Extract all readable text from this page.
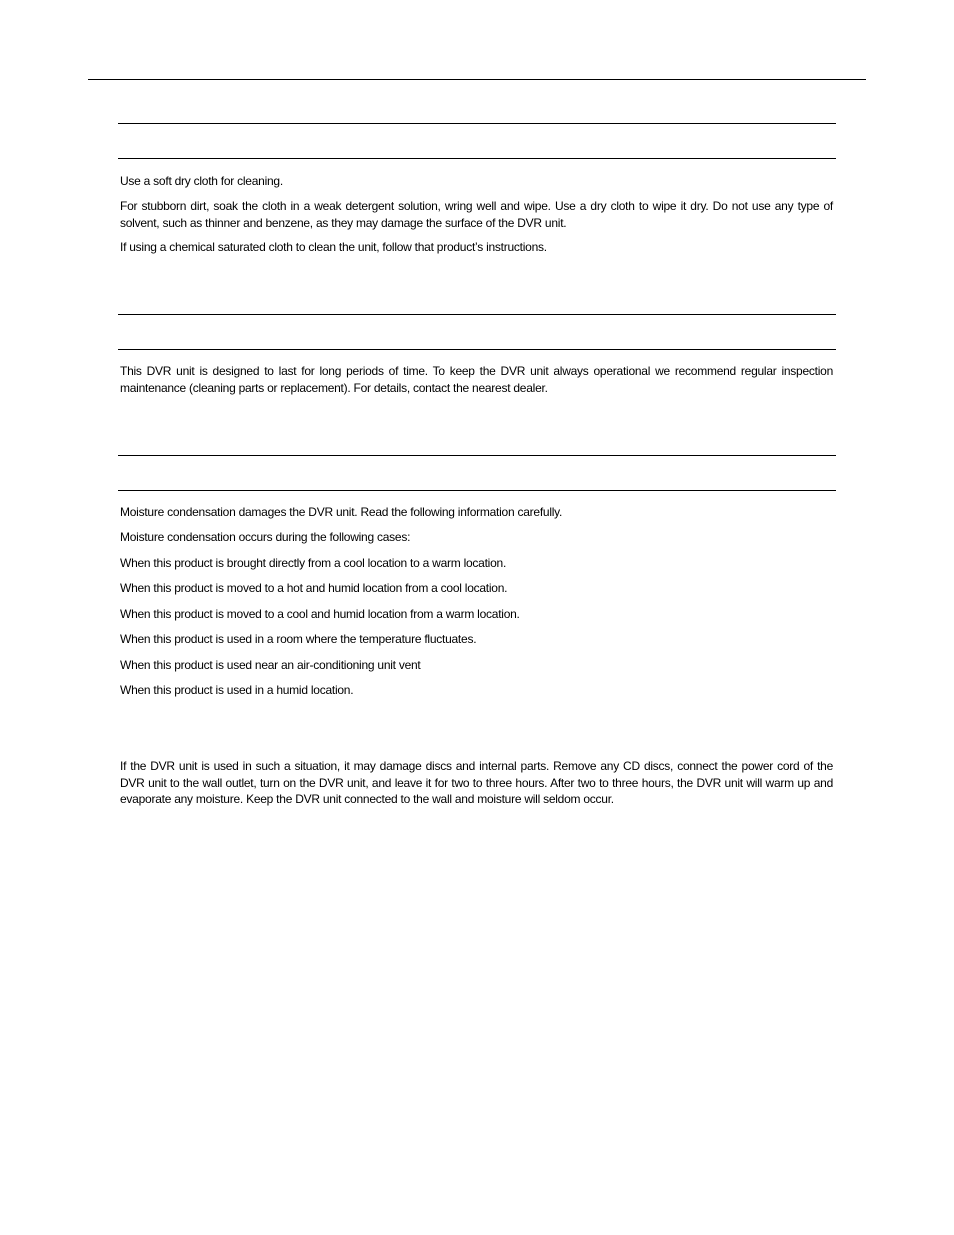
Use a soft dry cloth for cleaning.

For stubborn dirt, soak the cloth in a weak detergent solution, wring well and wipe. Use a dry cloth to wipe it dry. Do not use any type of solvent, such as thinner and benzene, as they may damage the surface of the DVR unit.

If using a chemical saturated cloth to clean the unit, follow that product’s instructions.

This DVR unit is designed to last for long periods of time. To keep the DVR unit always operational we recommend regular inspection maintenance (cleaning parts or replacement). For details, contact the nearest dealer.

Moisture condensation damages the DVR unit. Read the following information carefully.

Moisture condensation occurs during the following cases:

When this product is brought directly from a cool location to a warm location.

When this product is moved to a hot and humid location from a cool location.

When this product is moved to a cool and humid location from a warm location.

When this product is used in a room where the temperature fluctuates.

When this product is used near an air-conditioning unit vent

When this product is used in a humid location.

If the DVR unit is used in such a situation, it may damage discs and internal parts. Remove any CD discs, connect the power cord of the DVR unit to the wall outlet, turn on the DVR unit, and leave it for two to three hours. After two to three hours, the DVR unit will warm up and evaporate any moisture. Keep the DVR unit connected to the wall and moisture will seldom occur.
